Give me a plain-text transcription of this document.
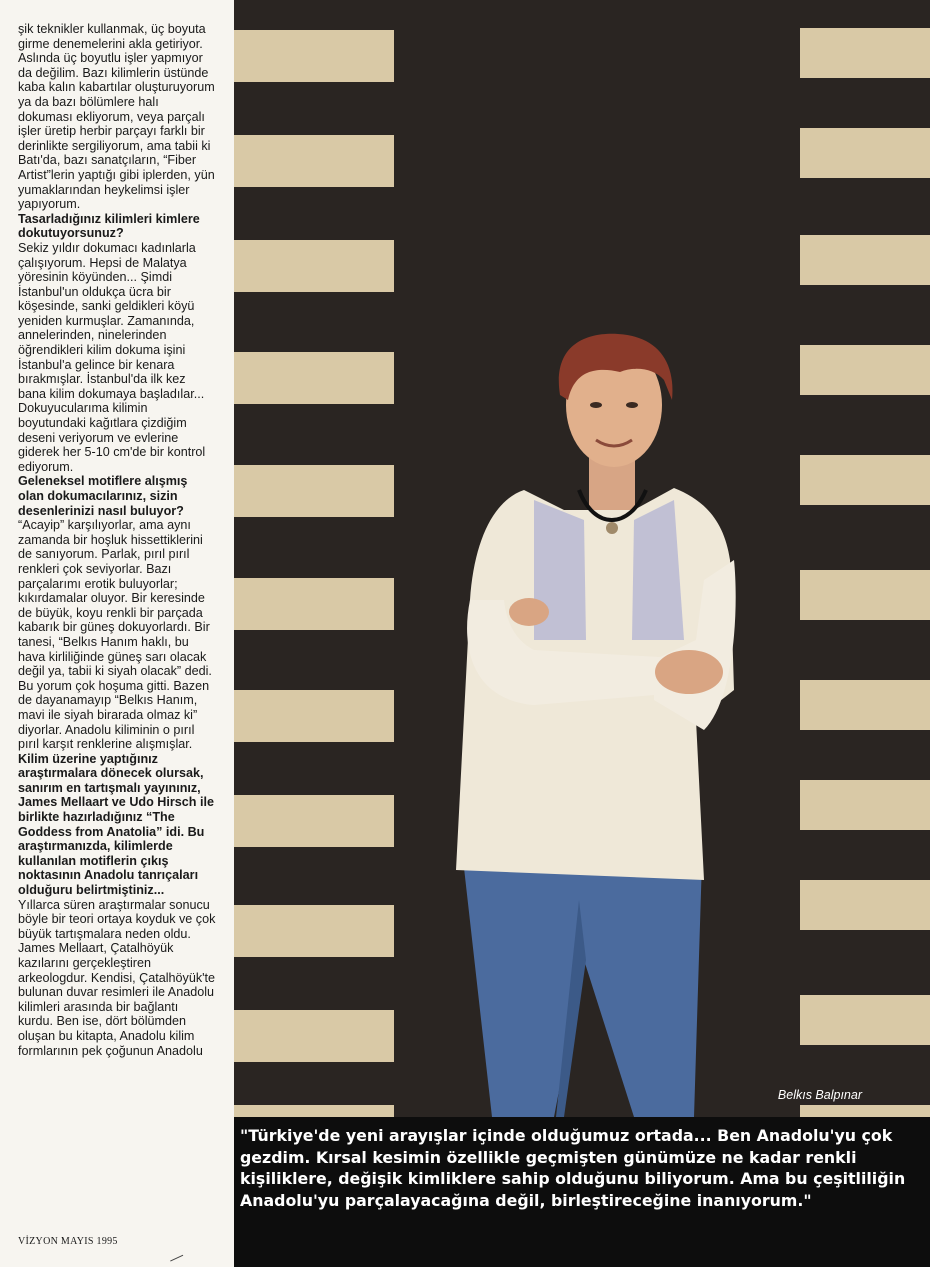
şik teknikler kullanmak, üç boyuta girme denemelerini akla getiriyor. Aslında üç boyutlu işler yapmıyor da değilim. Bazı kilimlerin üstünde kaba kalın kabartılar oluşturuyorum ya da bazı bölümlere halı dokuması ekliyorum, veya parçalı işler üretip herbir parçayı farklı bir derinlikte sergiliyorum, ama tabii ki Batı'da, bazı sanatçıların, “Fiber Artist”lerin yaptığı gibi iplerden, yün yumaklarından heykelimsi işler yapıyorum.

Tasarladığınız kilimleri kimlere dokutuyorsunuz?

Sekiz yıldır dokumacı kadınlarla çalışıyorum. Hepsi de Malatya yöresinin köyünden... Şimdi İstanbul'un oldukça ücra bir köşesinde, sanki geldikleri köyü yeniden kurmuşlar. Zamanında, annelerinden, ninelerinden öğrendikleri kilim dokuma işini İstanbul'a gelince bir kenara bırakmışlar. İstanbul'da ilk kez bana kilim dokumaya başladılar... Dokuyucularıma kilimin boyutundaki kağıtlara çizdiğim deseni veriyorum ve evlerine giderek her 5-10 cm'de bir kontrol ediyorum.

Geleneksel motiflere alışmış olan dokumacılarınız, sizin desenlerinizi nasıl buluyor?

“Acayip” karşılıyorlar, ama aynı zamanda bir hoşluk hissettiklerini de sanıyorum. Parlak, pırıl pırıl renkleri çok seviyorlar. Bazı parçalarımı erotik buluyorlar; kıkırdamalar oluyor. Bir keresinde de büyük, koyu renkli bir parçada kabarık bir güneş dokuyorlardı. Bir tanesi, “Belkıs Hanım haklı, bu hava kirliliğinde güneş sarı olacak değil ya, tabii ki siyah olacak” dedi. Bu yorum çok hoşuma gitti. Bazen de dayanamayıp “Belkıs Hanım, mavi ile siyah birarada olmaz ki” diyorlar. Anadolu kiliminin o pırıl pırıl karşıt renklerine alışmışlar.

Kilim üzerine yaptığınız araştırmalara dönecek olursak, sanırım en tartışmalı yayınınız, James Mellaart ve Udo Hirsch ile birlikte hazırladığınız “The Goddess from Anatolia” idi. Bu araştırmanızda, kilimlerde kullanılan motiflerin çıkış noktasının Anadolu tanrıçaları olduğuru belirtmiştiniz...

Yıllarca süren araştırmalar sonucu böyle bir teori ortaya koyduk ve çok büyük tartışmalara neden oldu. James Mellaart, Çatalhöyük kazılarını gerçekleştiren arkeologdur. Kendisi, Çatalhöyük'te bulunan duvar resimleri ile Anadolu kilimleri arasında bir bağlantı kurdu. Ben ise, dört bölümden oluşan bu kitapta, Anadolu kilim formlarının pek çoğunun Anadolu

VİZYON MAYIS 1995
Belkıs Balpınar
"Türkiye'de yeni arayışlar içinde olduğumuz ortada... Ben Anadolu'yu çok gezdim. Kırsal kesimin özellikle geçmişten günümüze ne kadar renkli kişiliklere, değişik kimliklere sahip olduğunu biliyorum. Ama bu çeşitliliğin Anadolu'yu parçalayacağına değil, birleştireceğine inanıyorum."
